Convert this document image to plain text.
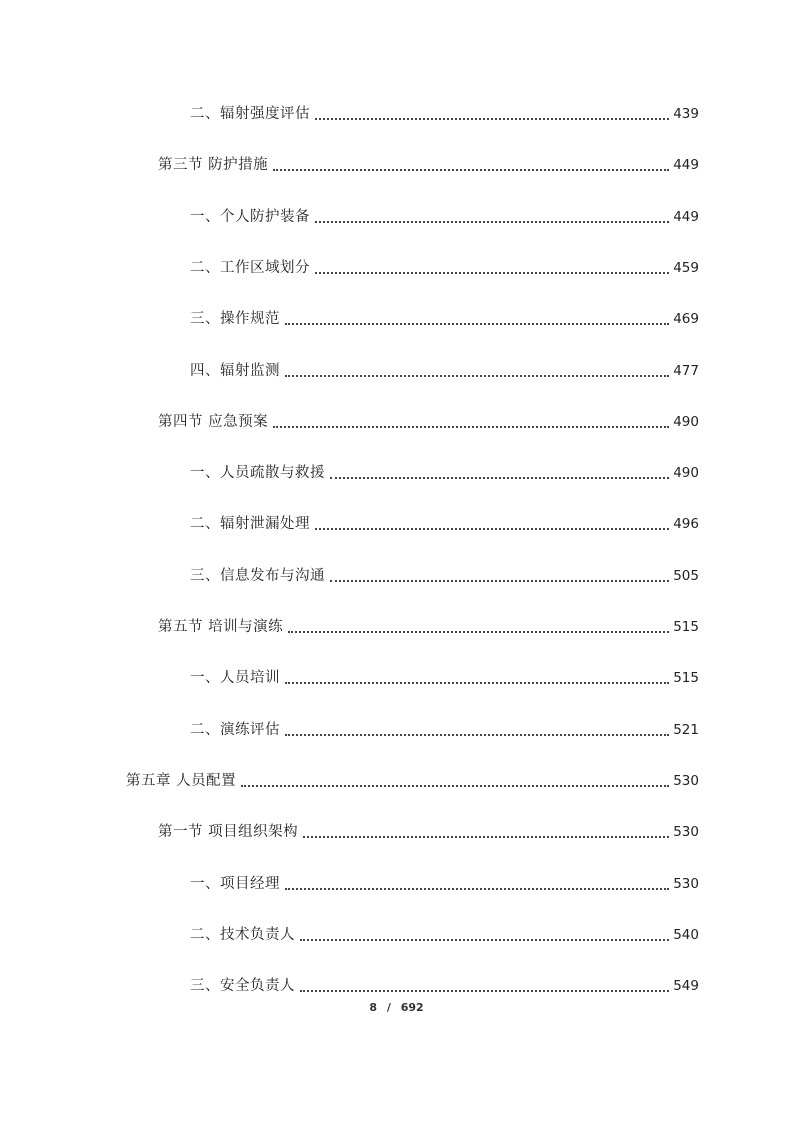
二、辐射强度评估	439
第三节 防护措施	449
一、个人防护装备	449
二、工作区域划分	459
三、操作规范	469
四、辐射监测	477
第四节 应急预案	490
一、人员疏散与救援	490
二、辐射泄漏处理	496
三、信息发布与沟通	505
第五节 培训与演练	515
一、人员培训	515
二、演练评估	521
第五章 人员配置	530
第一节 项目组织架构	530
一、项目经理	530
二、技术负责人	540
三、安全负责人	549
8 / 692
